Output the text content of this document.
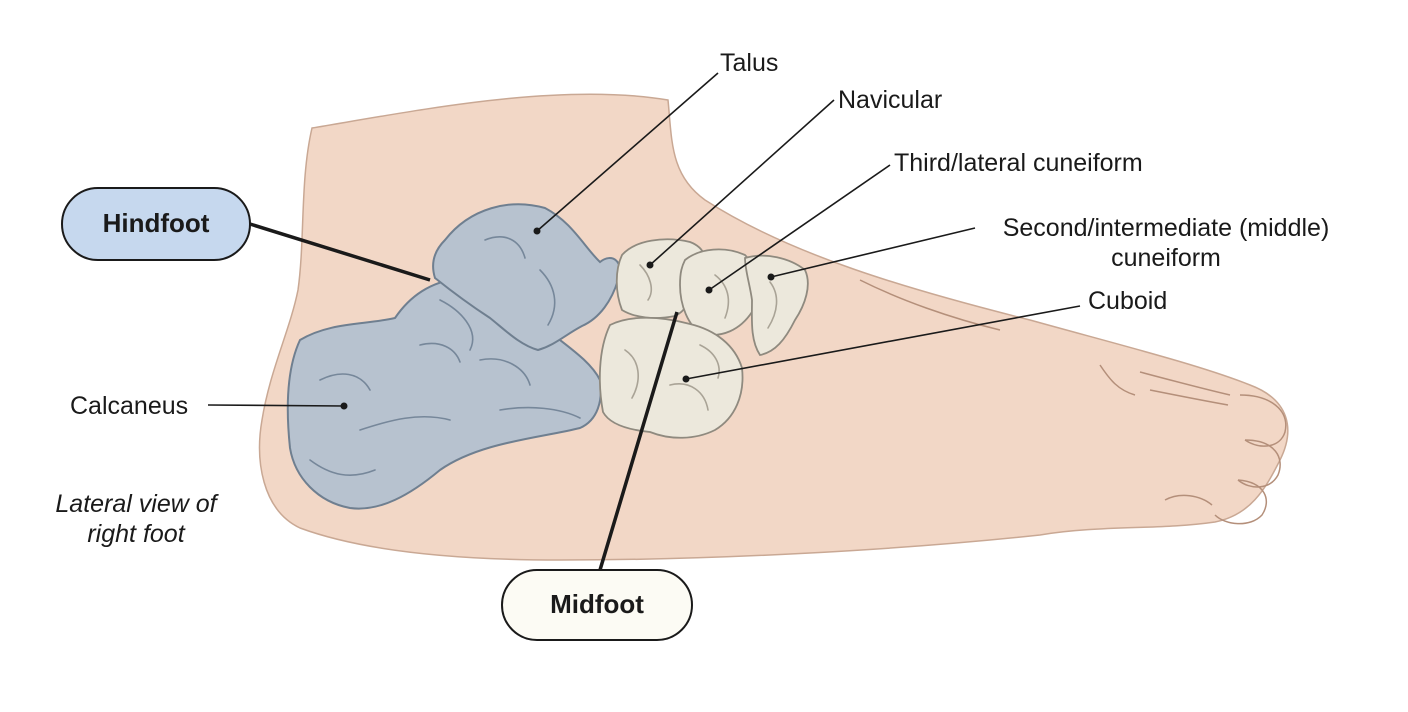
Hindfoot
Midfoot
Talus
Navicular
Third/lateral cuneiform
Second/intermediate (middle)
cuneiform
Cuboid
Calcaneus
Lateral view of
right foot
